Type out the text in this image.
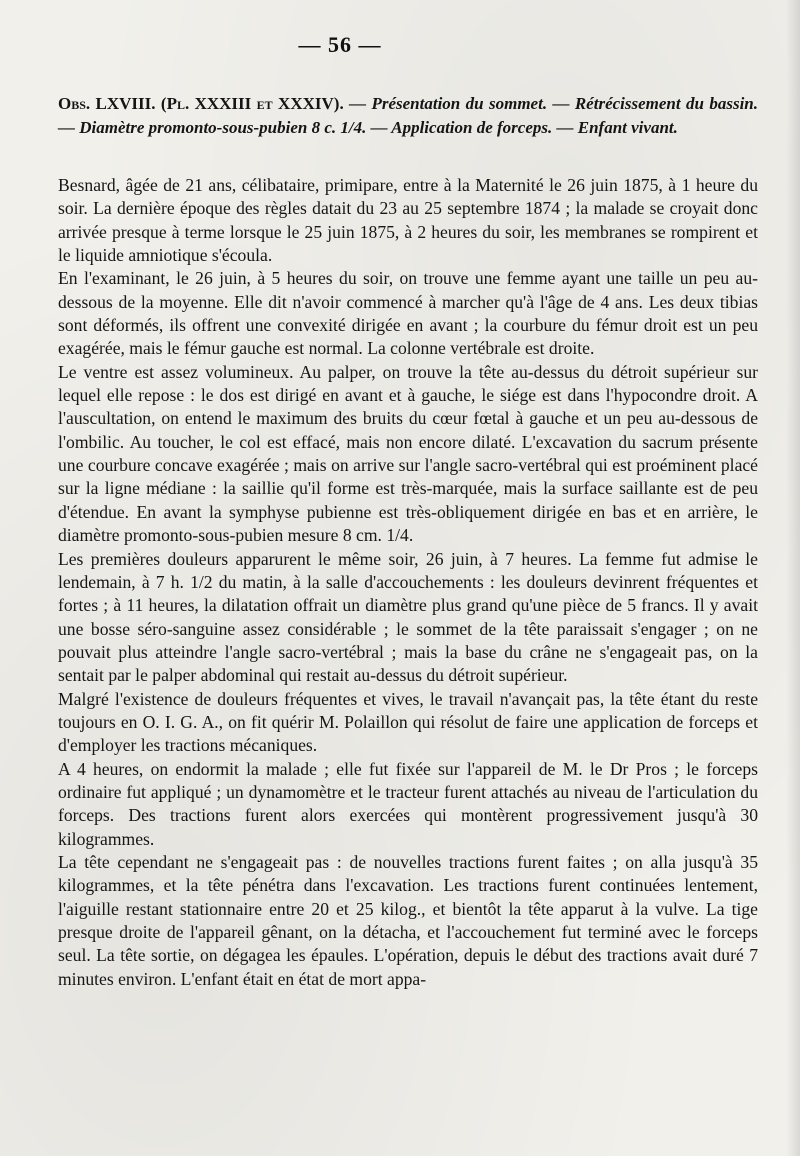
— 56 —
Obs. LXVIII. (Pl. XXXIII et XXXIV). — Présentation du sommet. — Rétrécissement du bassin. — Diamètre promonto-sous-pubien 8 c. 1/4. — Application de forceps. — Enfant vivant.

Besnard, âgée de 21 ans, célibataire, primipare, entre à la Maternité le 26 juin 1875, à 1 heure du soir. La dernière époque des règles datait du 23 au 25 septembre 1874 ; la malade se croyait donc arrivée presque à terme lorsque le 25 juin 1875, à 2 heures du soir, les membranes se rompirent et le liquide amniotique s'écoula.

En l'examinant, le 26 juin, à 5 heures du soir, on trouve une femme ayant une taille un peu au-dessous de la moyenne. Elle dit n'avoir commencé à marcher qu'à l'âge de 4 ans. Les deux tibias sont déformés, ils offrent une convexité dirigée en avant ; la courbure du fémur droit est un peu exagérée, mais le fémur gauche est normal. La colonne vertébrale est droite.

Le ventre est assez volumineux. Au palper, on trouve la tête au-dessus du détroit supérieur sur lequel elle repose : le dos est dirigé en avant et à gauche, le siége est dans l'hypocondre droit. A l'auscultation, on entend le maximum des bruits du cœur fœtal à gauche et un peu au-dessous de l'ombilic. Au toucher, le col est effacé, mais non encore dilaté. L'excavation du sacrum présente une courbure concave exagérée ; mais on arrive sur l'angle sacro-vertébral qui est proéminent placé sur la ligne médiane : la saillie qu'il forme est très-marquée, mais la surface saillante est de peu d'étendue. En avant la symphyse pubienne est très-obliquement dirigée en bas et en arrière, le diamètre promonto-sous-pubien mesure 8 cm. 1/4.

Les premières douleurs apparurent le même soir, 26 juin, à 7 heures. La femme fut admise le lendemain, à 7 h. 1/2 du matin, à la salle d'accouchements : les douleurs devinrent fréquentes et fortes ; à 11 heures, la dilatation offrait un diamètre plus grand qu'une pièce de 5 francs. Il y avait une bosse séro-sanguine assez considérable ; le sommet de la tête paraissait s'engager ; on ne pouvait plus atteindre l'angle sacro-vertébral ; mais la base du crâne ne s'engageait pas, on la sentait par le palper abdominal qui restait au-dessus du détroit supérieur.

Malgré l'existence de douleurs fréquentes et vives, le travail n'avançait pas, la tête étant du reste toujours en O. I. G. A., on fit quérir M. Polaillon qui résolut de faire une application de forceps et d'employer les tractions mécaniques.

A 4 heures, on endormit la malade ; elle fut fixée sur l'appareil de M. le Dr Pros ; le forceps ordinaire fut appliqué ; un dynamomètre et le tracteur furent attachés au niveau de l'articulation du forceps. Des tractions furent alors exercées qui montèrent progressivement jusqu'à 30 kilogrammes.

La tête cependant ne s'engageait pas : de nouvelles tractions furent faites ; on alla jusqu'à 35 kilogrammes, et la tête pénétra dans l'excavation. Les tractions furent continuées lentement, l'aiguille restant stationnaire entre 20 et 25 kilog., et bientôt la tête apparut à la vulve. La tige presque droite de l'appareil gênant, on la détacha, et l'accouchement fut terminé avec le forceps seul. La tête sortie, on dégagea les épaules. L'opération, depuis le début des tractions avait duré 7 minutes environ. L'enfant était en état de mort appa-
